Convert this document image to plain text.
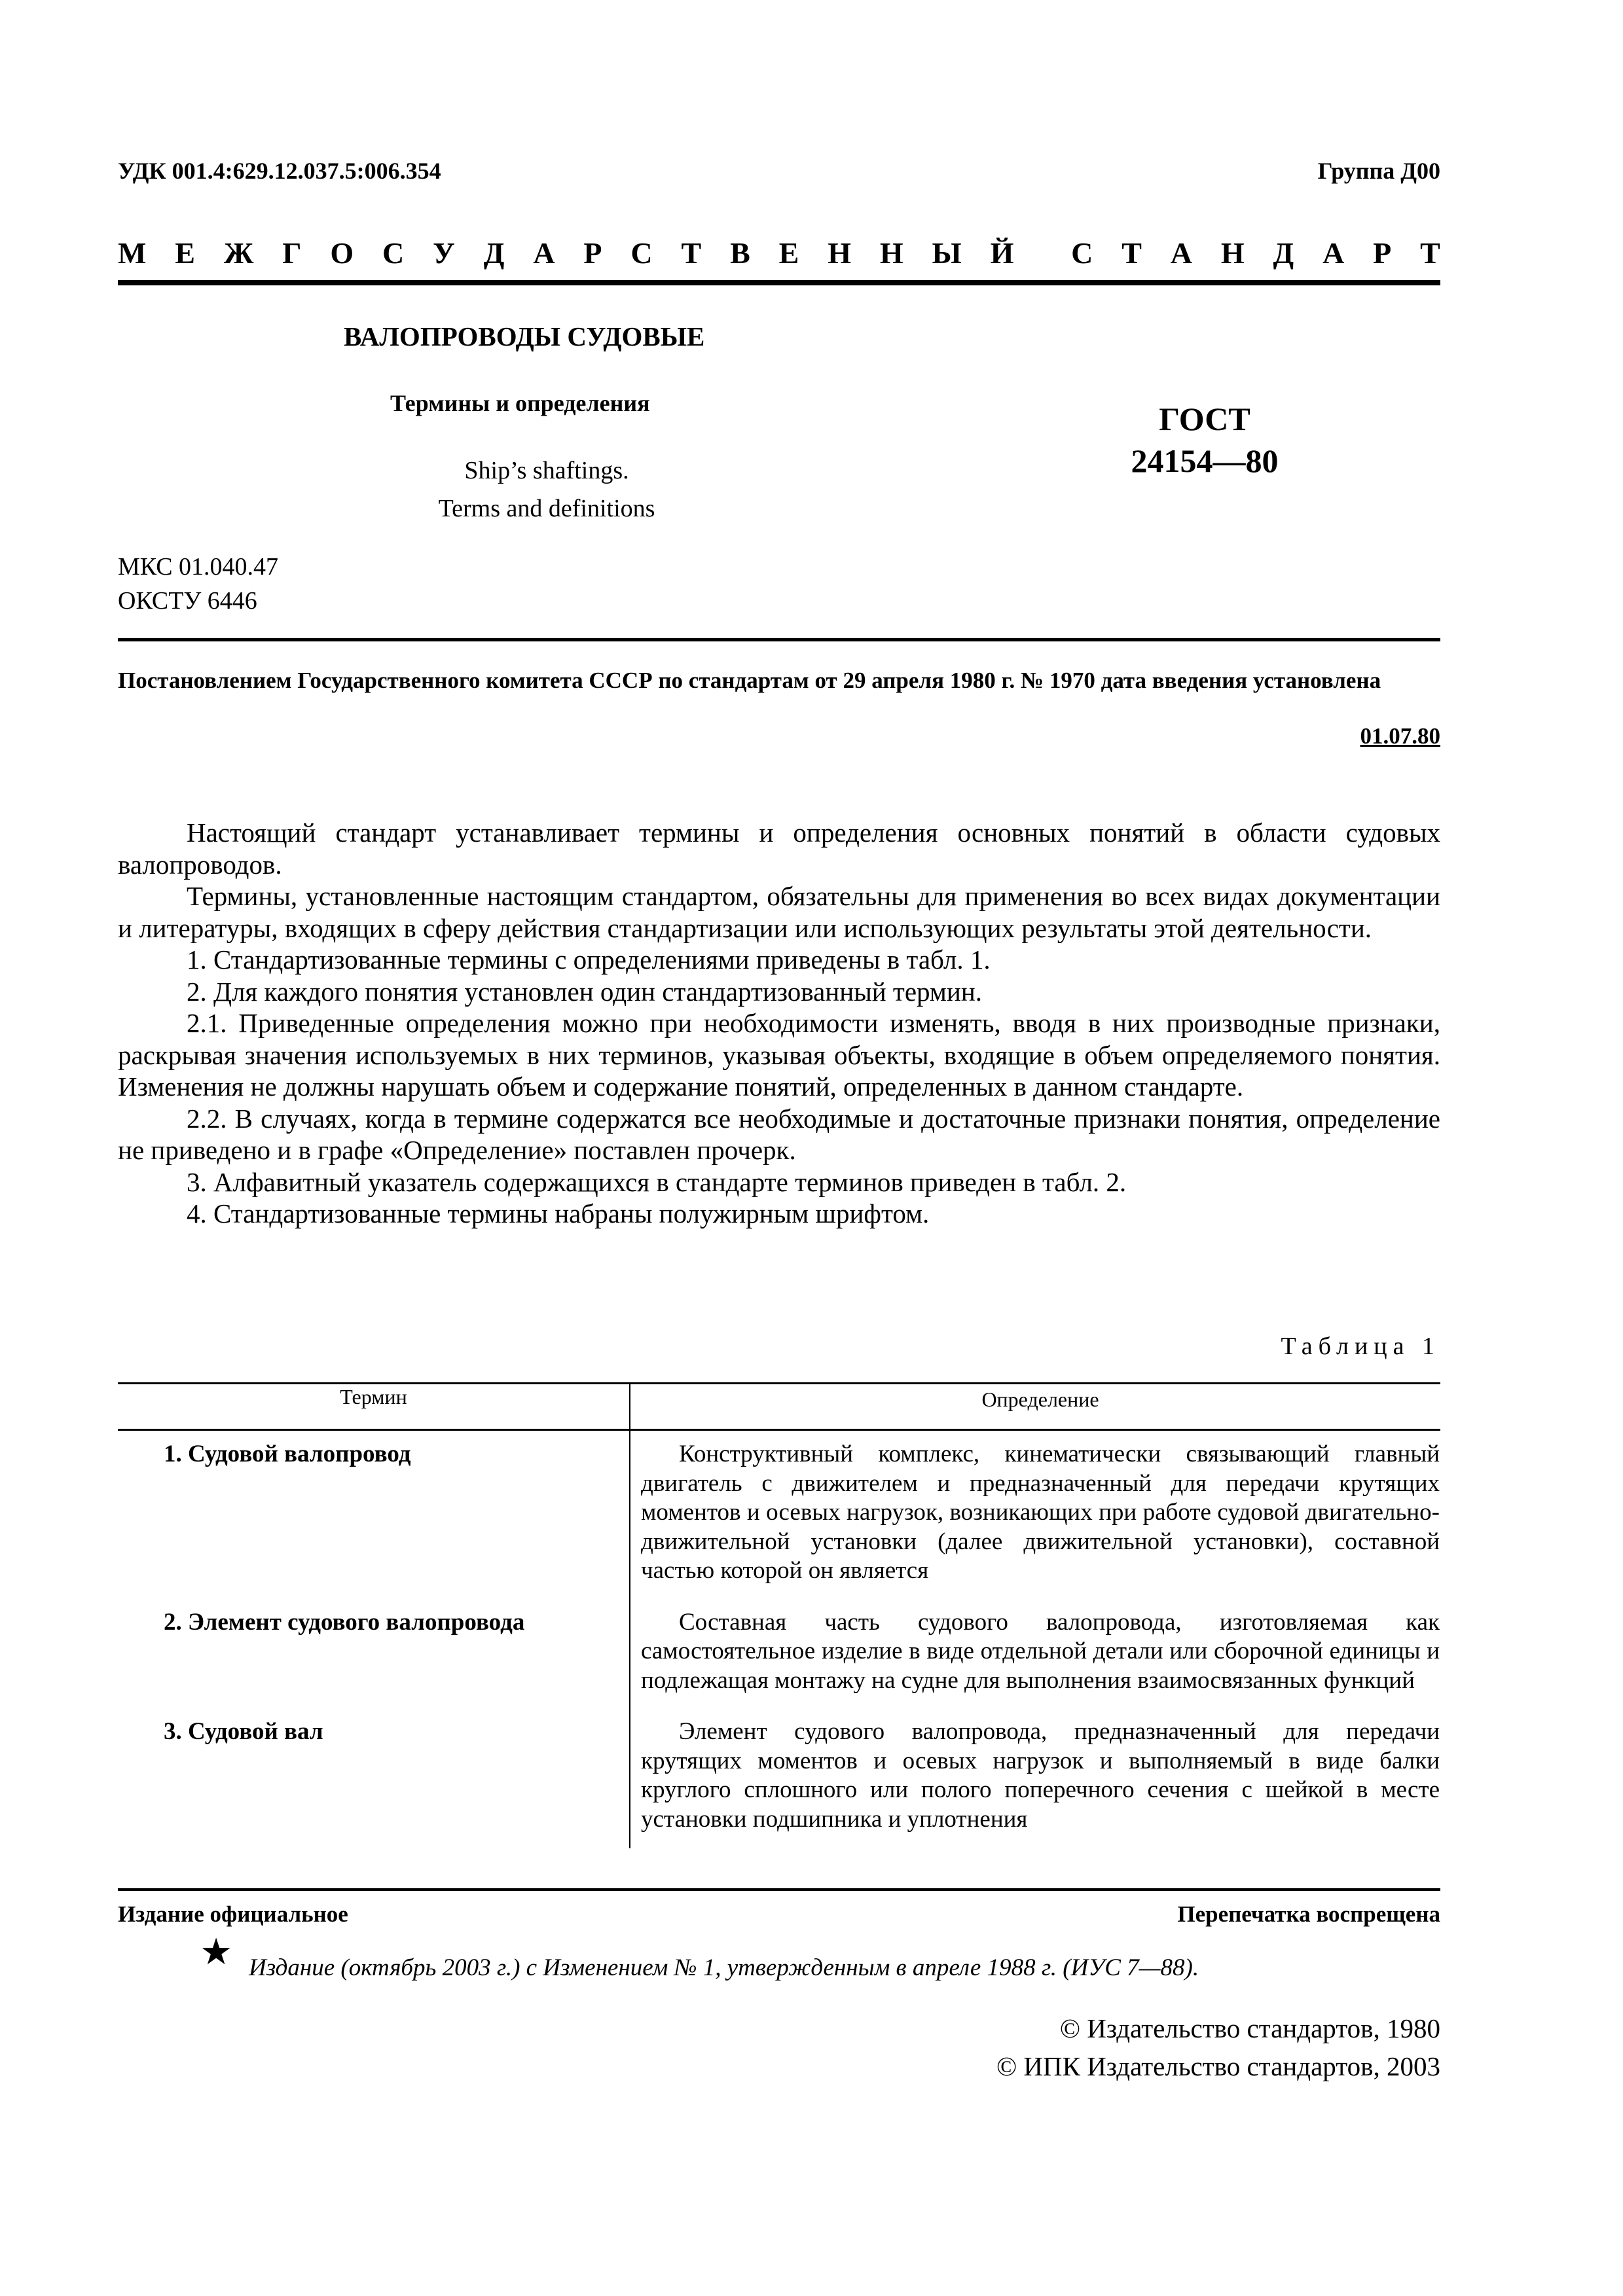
УДК 001.4:629.12.037.5:006.354	Группа Д00
М Е Ж Г О С У Д А Р С Т В Е Н Н Ы Й С Т А Н Д А Р Т
ВАЛОПРОВОДЫ СУДОВЫЕ
Термины и определения
Ship’s shaftings.
Terms and definitions
ГОСТ
24154—80
МКС 01.040.47
ОКСТУ 6446
Постановлением Государственного комитета СССР по стандартам от 29 апреля 1980 г. № 1970 дата введения установлена
01.07.80

Настоящий стандарт устанавливает термины и определения основных понятий в области судовых валопроводов.

Термины, установленные настоящим стандартом, обязательны для применения во всех видах документации и литературы, входящих в сферу действия стандартизации или использующих результаты этой деятельности.

1. Стандартизованные термины с определениями приведены в табл. 1.

2. Для каждого понятия установлен один стандартизованный термин.

2.1. Приведенные определения можно при необходимости изменять, вводя в них производные признаки, раскрывая значения используемых в них терминов, указывая объекты, входящие в объем определяемого понятия. Изменения не должны нарушать объем и содержание понятий, определенных в данном стандарте.

2.2. В случаях, когда в термине содержатся все необходимые и достаточные признаки понятия, определение не приведено и в графе «Определение» поставлен прочерк.

3. Алфавитный указатель содержащихся в стандарте терминов приведен в табл. 2.

4. Стандартизованные термины набраны полужирным шрифтом.

Таблица 1
Термин	Определение
1. Судовой валопровод	Конструктивный комплекс, кинематически связывающий главный двигатель с движителем и предназначенный для передачи крутящих моментов и осевых нагрузок, возникающих при работе судовой двигательно-движительной установки (далее движительной установки), составной частью которой он является
2. Элемент судового валопровода	Составная часть судового валопровода, изготовляемая как самостоятельное изделие в виде отдельной детали или сборочной единицы и подлежащая монтажу на судне для выполнения взаимосвязанных функций
3. Судовой вал	Элемент судового валопровода, предназначенный для передачи крутящих моментов и осевых нагрузок и выполняемый в виде балки круглого сплошного или полого поперечного сечения с шейкой в месте установки подшипника и уплотнения
Издание официальное	Перепечатка воспрещена
★ Издание (октябрь 2003 г.) с Изменением № 1, утвержденным в апреле 1988 г. (ИУС 7—88).
© Издательство стандартов, 1980
© ИПК Издательство стандартов, 2003
